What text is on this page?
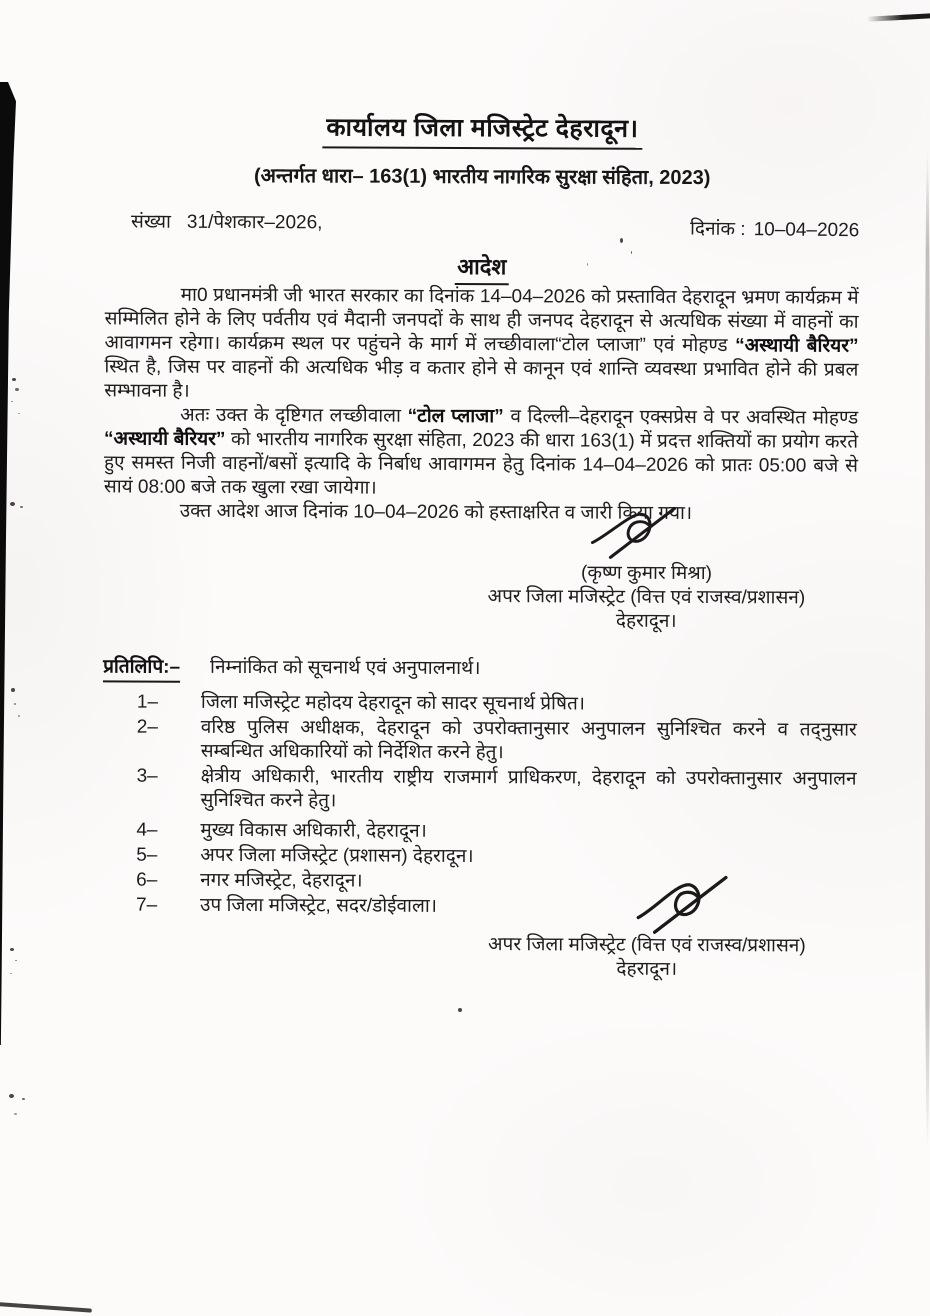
कार्यालय जिला मजिस्ट्रेट देहरादून।
(अन्तर्गत धारा– 163(1) भारतीय नागरिक सुरक्षा संहिता, 2023)
संख्या 31/पेशकार–2026,	दिनांक : 10–04–2026
आदेश

मा0 प्रधानमंत्री जी भारत सरकार का दिनांक 14–04–2026 को प्रस्तावित देहरादून भ्रमण कार्यक्रम में सम्मिलित होने के लिए पर्वतीय एवं मैदानी जनपदों के साथ ही जनपद देहरादून से अत्यधिक संख्या में वाहनों का आवागमन रहेगा। कार्यक्रम स्थल पर पहुंचने के मार्ग में लच्छीवाला“टोल प्लाजा” एवं मोहण्ड “अस्थायी बैरियर” स्थित है, जिस पर वाहनों की अत्यधिक भीड़ व कतार होने से कानून एवं शान्ति व्यवस्था प्रभावित होने की प्रबल सम्भावना है।

अतः उक्त के दृष्टिगत लच्छीवाला “टोल प्लाजा” व दिल्ली–देहरादून एक्सप्रेस वे पर अवस्थित मोहण्ड “अस्थायी बैरियर” को भारतीय नागरिक सुरक्षा संहिता, 2023 की धारा 163(1) में प्रदत्त शक्तियों का प्रयोग करते हुए समस्त निजी वाहनों/बसों इत्यादि के निर्बाध आवागमन हेतु दिनांक 14–04–2026 को प्रातः 05:00 बजे से सायं 08:00 बजे तक खुला रखा जायेगा।

उक्त आदेश आज दिनांक 10–04–2026 को हस्ताक्षरित व जारी किया गया।

(कृष्ण कुमार मिश्रा)
अपर जिला मजिस्ट्रेट (वित्त एवं राजस्व/प्रशासन)
देहरादून।
प्रतिलिपि:– निम्नांकित को सूचनार्थ एवं अनुपालनार्थ।
1–	जिला मजिस्ट्रेट महोदय देहरादून को सादर सूचनार्थ प्रेषित।
2–	वरिष्ठ पुलिस अधीक्षक, देहरादून को उपरोक्तानुसार अनुपालन सुनिश्चित करने व तद्नुसार सम्बन्धित अधिकारियों को निर्देशित करने हेतु।
3–	क्षेत्रीय अधिकारी, भारतीय राष्ट्रीय राजमार्ग प्राधिकरण, देहरादून को उपरोक्तानुसार अनुपालन सुनिश्चित करने हेतु।
4–	मुख्य विकास अधिकारी, देहरादून।
5–	अपर जिला मजिस्ट्रेट (प्रशासन) देहरादून।
6–	नगर मजिस्ट्रेट, देहरादून।
7–	उप जिला मजिस्ट्रेट, सदर/डोईवाला।
अपर जिला मजिस्ट्रेट (वित्त एवं राजस्व/प्रशासन)
देहरादून।
